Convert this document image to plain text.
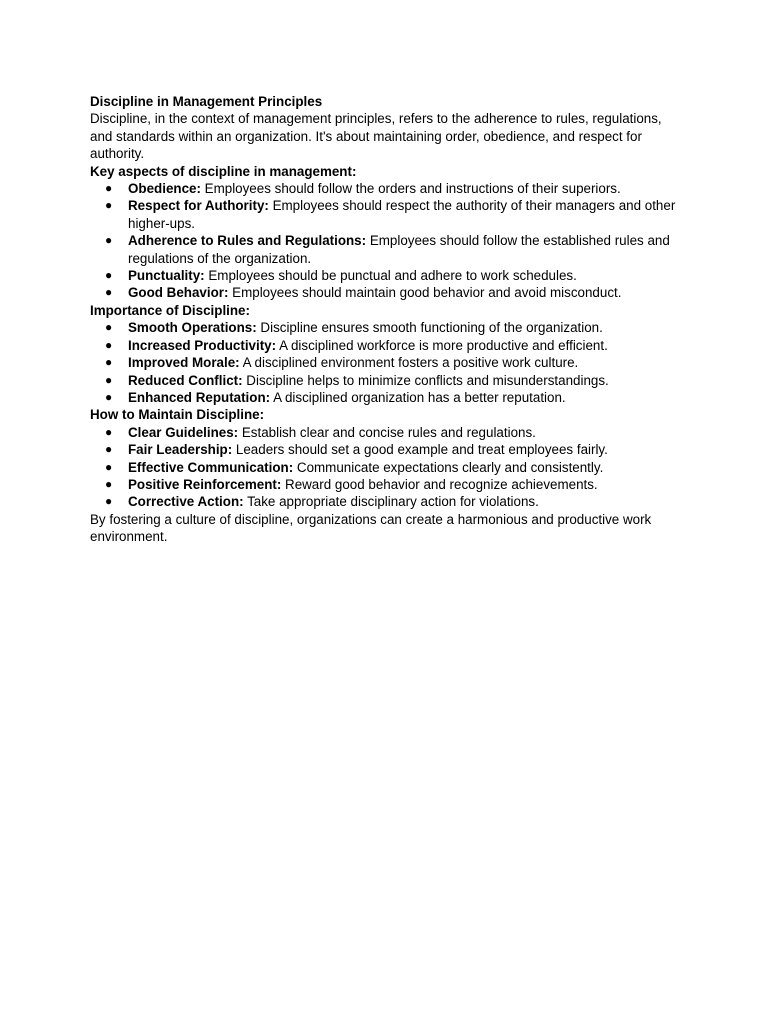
Discipline in Management Principles

Discipline, in the context of management principles, refers to the adherence to rules, regulations, and standards within an organization. It's about maintaining order, obedience, and respect for authority.

Key aspects of discipline in management:

● Obedience: Employees should follow the orders and instructions of their superiors.
● Respect for Authority: Employees should respect the authority of their managers and other higher-ups.
● Adherence to Rules and Regulations: Employees should follow the established rules and regulations of the organization.
● Punctuality: Employees should be punctual and adhere to work schedules.
● Good Behavior: Employees should maintain good behavior and avoid misconduct.

Importance of Discipline:

● Smooth Operations: Discipline ensures smooth functioning of the organization.
● Increased Productivity: A disciplined workforce is more productive and efficient.
● Improved Morale: A disciplined environment fosters a positive work culture.
● Reduced Conflict: Discipline helps to minimize conflicts and misunderstandings.
● Enhanced Reputation: A disciplined organization has a better reputation.

How to Maintain Discipline:

● Clear Guidelines: Establish clear and concise rules and regulations.
● Fair Leadership: Leaders should set a good example and treat employees fairly.
● Effective Communication: Communicate expectations clearly and consistently.
● Positive Reinforcement: Reward good behavior and recognize achievements.
● Corrective Action: Take appropriate disciplinary action for violations.

By fostering a culture of discipline, organizations can create a harmonious and productive work environment.
